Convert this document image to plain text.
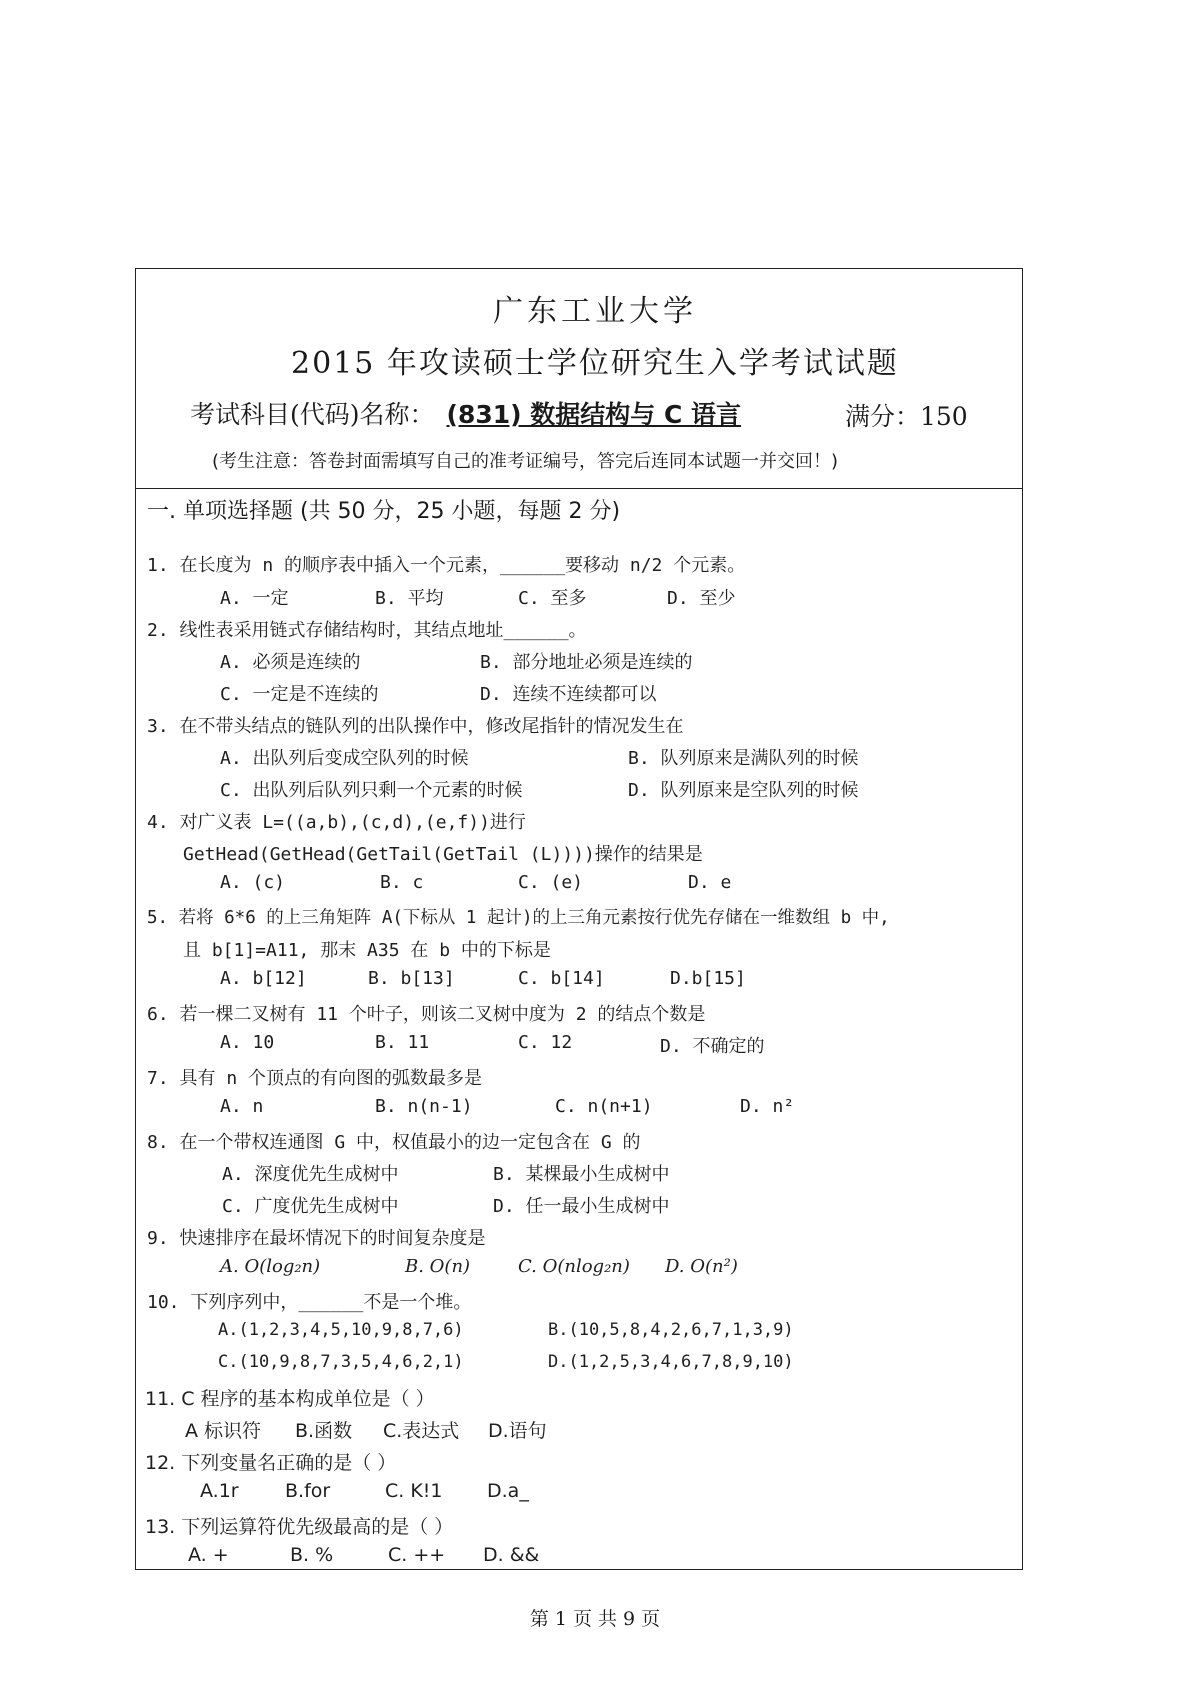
广东工业大学
2015 年攻读硕士学位研究生入学考试试题
考试科目(代码)名称： (831) 数据结构与 C 语言	满分：150
(考生注意：答卷封面需填写自己的准考证编号，答完后连同本试题一并交回！)
一. 单项选择题 (共 50 分，25 小题，每题 2 分)
1. 在长度为 n 的顺序表中插入一个元素，______要移动 n/2 个元素。
A. 一定	B. 平均	C. 至多	D. 至少
2. 线性表采用链式存储结构时，其结点地址______。
A. 必须是连续的	B. 部分地址必须是连续的
C. 一定是不连续的	D. 连续不连续都可以
3. 在不带头结点的链队列的出队操作中，修改尾指针的情况发生在
A. 出队列后变成空队列的时候	B. 队列原来是满队列的时候
C. 出队列后队列只剩一个元素的时候	D. 队列原来是空队列的时候
4. 对广义表 L=((a,b),(c,d),(e,f))进行
GetHead(GetHead(GetTail(GetTail (L))))操作的结果是
A. (c)	B. c	C. (e)	D. e
5. 若将 6*6 的上三角矩阵 A(下标从 1 起计)的上三角元素按行优先存储在一维数组 b 中,
且 b[1]=A11, 那末 A35 在 b 中的下标是
A. b[12]	B. b[13]	C. b[14]	D.b[15]
6. 若一棵二叉树有 11 个叶子，则该二叉树中度为 2 的结点个数是
A. 10	B. 11	C. 12	D. 不确定的
7. 具有 n 个顶点的有向图的弧数最多是
A. n	B. n(n-1)	C. n(n+1)	D. n²
8. 在一个带权连通图 G 中，权值最小的边一定包含在 G 的
A. 深度优先生成树中	B. 某棵最小生成树中
C. 广度优先生成树中	D. 任一最小生成树中
9. 快速排序在最坏情况下的时间复杂度是
A. O(log₂n)	B. O(n)	C. O(nlog₂n) D. O(n²)
10. 下列序列中，______不是一个堆。
A.(1,2,3,4,5,10,9,8,7,6)	B.(10,5,8,4,2,6,7,1,3,9)
C.(10,9,8,7,3,5,4,6,2,1)	D.(1,2,5,3,4,6,7,8,9,10)
11. C 程序的基本构成单位是（ ）
A 标识符 B.函数 C.表达式 D.语句
12. 下列变量名正确的是（ ）
A.1r B.for	C. K!1 D.a_
13. 下列运算符优先级最高的是（ ）
A. +	B. %	C. ++ D. &&
第 1 页 共 9 页
